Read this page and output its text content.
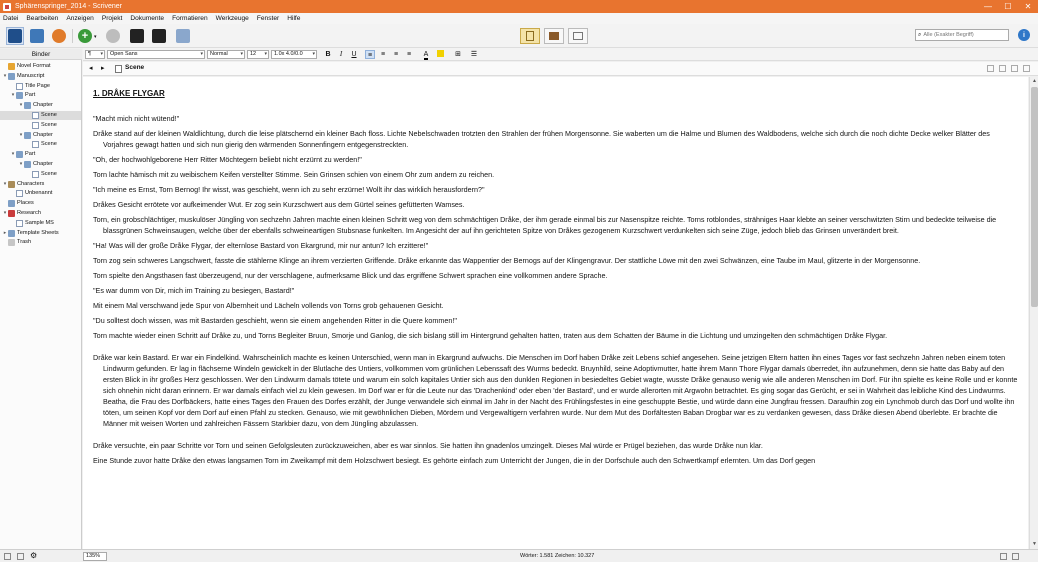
Sphärenspringer_2014 - Scrivener	—	☐	✕
Datei Bearbeiten Anzeigen Projekt Dokumente Formatieren Werkzeuge Fenster Hilfe
+	▾	⌕
Alle (Exakter Begriff)	i
Binder
Novel Format
▾	Manuscript
Title Page
▾	Part
▾	Chapter
Scene
Scene
▾	Chapter
Scene
▾	Part
▾	Chapter
Scene
▾	Characters
Unbenannt
Places
▾	Research
Sample MS
▸	Template Sheets
Trash
¶ ▾	Open Sans ▾	Normal ▾	12 ▾	1.0x 4.0/0.0 ▾	B	I	U	≡	≡	≡	≡	A	⊞ ☰
◂ ▸	Scene
1. DRÅKE FLYGAR
"Macht mich nicht wütend!"
Dråke stand auf der kleinen Waldlichtung, durch die leise plätschernd ein kleiner Bach floss. Lichte Nebelschwaden trotzten den Strahlen der frühen Morgensonne. Sie waberten um die Halme und Blumen des Waldbodens, welche sich durch die noch dichte Decke welker Blätter des Vorjahres gewagt hatten und sich nun gierig den wärmenden Sonnenfingern entgegenstreckten.
"Oh, der hochwohlgeborene Herr Ritter Möchtegern beliebt nicht erzürnt zu werden!"
Torn lachte hämisch mit zu weibischem Keifen verstellter Stimme. Sein Grinsen schien von einem Ohr zum andern zu reichen.
"Ich meine es Ernst, Torn Bernog! Ihr wisst, was geschieht, wenn ich zu sehr erzürne! Wollt ihr das wirklich herausfordern?"
Dråkes Gesicht errötete vor aufkeimender Wut. Er zog sein Kurzschwert aus dem Gürtel seines gefütterten Wamses.
Torn, ein grobschlächtiger, muskulöser Jüngling von sechzehn Jahren machte einen kleinen Schritt weg von dem schmächtigen Dråke, der ihm gerade einmal bis zur Nasenspitze reichte. Torns rotblondes, strähniges Haar klebte an seiner verschwitzten Stirn und bedeckte teilweise die blassgrünen Schweinsaugen, welche über der ebenfalls schweineartigen Stubsnase funkelten. Im Angesicht der auf ihn gerichteten Spitze von Dråkes gezogenem Kurzschwert verdunkelten sich seine Züge, jedoch blieb das Grinsen unverändert breit.
"Ha! Was will der große Dråke Flygar, der elternlose Bastard von Ekargrund, mir nur antun? Ich erzittere!"
Torn zog sein schweres Langschwert, fasste die stählerne Klinge an ihrem verzierten Griffende. Dråke erkannte das Wappentier der Bernogs auf der Klingengravur. Der stattliche Löwe mit den zwei Schwänzen, eine Taube im Maul, glitzerte in der Morgensonne.
Torn spielte den Angsthasen fast überzeugend, nur der verschlagene, aufmerksame Blick und das ergriffene Schwert sprachen eine vollkommen andere Sprache.
"Es war dumm von Dir, mich im Training zu besiegen, Bastard!"
Mit einem Mal verschwand jede Spur von Albernheit und Lächeln vollends von Torns grob gehauenen Gesicht.
"Du solltest doch wissen, was mit Bastarden geschieht, wenn sie einem angehenden Ritter in die Quere kommen!"
Torn machte wieder einen Schritt auf Dråke zu, und Torns Begleiter Bruun, Smorje und Ganlog, die sich bislang still im Hintergrund gehalten hatten, traten aus dem Schatten der Bäume in die Lichtung und umzingelten den schmächtigen Dråke Flygar.
Dråke war kein Bastard. Er war ein Findelkind. Wahrscheinlich machte es keinen Unterschied, wenn man in Ekargrund aufwuchs. Die Menschen im Dorf haben Dråke zeit Lebens schief angesehen. Seine jetzigen Eltern hatten ihn eines Tages vor fast sechzehn Jahren neben einem toten Lindwurm gefunden. Er lag in flächserne Windeln gewickelt in der Blutlache des Untiers, vollkommen vom grünlichen Lebenssaft des Wurms bedeckt. Bruynhild, seine Adoptivmutter, hatte ihrem Mann Thore Flygar damals überredet, ihn aufzunehmen, denn sie hatte das Baby auf den ersten Blick in ihr großes Herz geschlossen. Wer den Lindwurm damals tötete und warum ein solch kapitales Untier sich aus den dunklen Regionen in besiedeltes Gebiet wagte, wusste Dråke genauso wenig wie alle anderen Menschen im Dorf. Für ihn spielte es keine Rolle und er konnte sich ohnehin nicht daran erinnern. Er war damals einfach viel zu klein gewesen. Im Dorf war er für die Leute nur das 'Drachenkind' oder eben 'der Bastard', und er wurde allerorten mit Argwohn betrachtet. Es ging sogar das Gerücht, er sei in Wahrheit das leibliche Kind des Lindwurms. Beatha, die Frau des Dorfbäckers, hatte eines Tages den Frauen des Dorfes erzählt, der Junge verwandele sich einmal im Jahr in der Nacht des Frühlingsfestes in eine geschuppte Bestie, und würde dann eine Jungfrau fressen. Daraufhin zog ein Lynchmob durch das Dorf und wollte ihn töten, um seinen Kopf vor dem Dorf auf einen Pfahl zu stecken. Genauso, wie mit gewöhnlichen Dieben, Mördern und Vergewaltigern verfahren wurde. Nur dem Mut des Dorfältesten Baban Drogbar war es zu verdanken gewesen, dass Dråke diesen Abend überlebte. Er brachte die Männer mit weisen Worten und zahlreichen Fässern Starkbier dazu, von dem Jüngling abzulassen.
Dråke versuchte, ein paar Schritte vor Torn und seinen Gefolgsleuten zurückzuweichen, aber es war sinnlos. Sie hatten ihn gnadenlos umzingelt. Dieses Mal würde er Prügel beziehen, das wurde Dråke nun klar.
Eine Stunde zuvor hatte Dråke den etwas langsamen Torn im Zweikampf mit dem Holzschwert besiegt. Es gehörte einfach zum Unterricht der Jungen, die in der Dorfschule auch den Schwertkampf erlernten. Um das Dorf gegen
▲
▼
⚙	135%	Wörter: 1.581 Zeichen: 10.327
